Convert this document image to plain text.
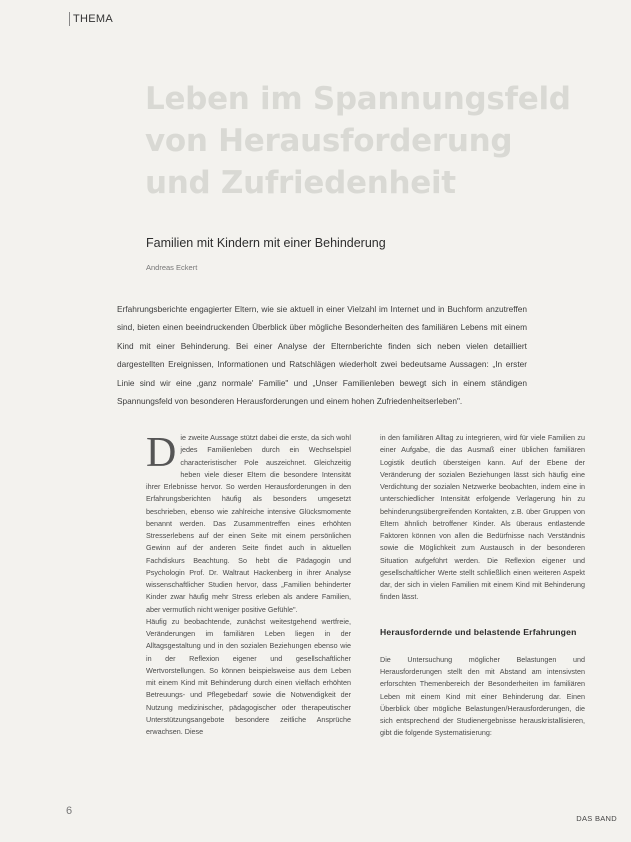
THEMA
Leben im Spannungsfeld von Herausforderung und Zufriedenheit
Familien mit Kindern mit einer Behinderung
Andreas Eckert

Erfahrungsberichte engagierter Eltern, wie sie aktuell in einer Vielzahl im Internet und in Buchform anzutreffen sind, bieten einen beeindruckenden Überblick über mögliche Besonderheiten des familiären Lebens mit einem Kind mit einer Behinderung. Bei einer Analyse der Elternberichte finden sich neben vielen detailliert dargestellten Ereignissen, Informationen und Ratschlägen wiederholt zwei bedeutsame Aussagen: „In erster Linie sind wir eine ‚ganz normale' Familie" und „Unser Familienleben bewegt sich in einem ständigen Spannungsfeld von besonderen Herausforderungen und einem hohen Zufriedenheitserleben".

D ie zweite Aussage stützt dabei die erste, da sich wohl jedes Familienleben durch ein Wechselspiel characteristischer Pole auszeichnet. Gleichzeitig heben viele dieser Eltern die besondere Intensität ihrer Erlebnisse hervor. So werden Herausforderungen in den Erfahrungsberichten häufig als besonders umgesetzt beschrieben, ebenso wie zahlreiche intensive Glücksmomente benannt werden. Das Zusammentreffen eines erhöhten Stresserlebens auf der einen Seite mit einem persönlichen Gewinn auf der anderen Seite findet auch in aktuellen Fachdiskurs Beachtung. So hebt die Pädagogin und Psychologin Prof. Dr. Waltraut Hackenberg in ihrer Analyse wissenschaftlicher Studien hervor, dass „Familien behinderter Kinder zwar häufig mehr Stress erleben als andere Familien, aber vermutlich nicht weniger positive Gefühle".

Häufig zu beobachtende, zunächst weitestgehend wertfreie, Veränderungen im familiären Leben liegen in der Alltagsgestaltung und in den sozialen Beziehungen ebenso wie in der Reflexion eigener und gesellschaftlicher Wertvorstellungen. So können beispielsweise aus dem Leben mit einem Kind mit Behinderung durch einen vielfach erhöhten Betreuungs- und Pflegebedarf sowie die Notwendigkeit der Nutzung medizinischer, pädagogischer oder therapeutischer Unterstützungsangebote besondere zeitliche Ansprüche erwachsen. Diese

in den familiären Alltag zu integrieren, wird für viele Familien zu einer Aufgabe, die das Ausmaß einer üblichen familiären Logistik deutlich übersteigen kann. Auf der Ebene der Veränderung der sozialen Beziehungen lässt sich häufig eine Verdichtung der sozialen Netzwerke beobachten, indem eine in unterschiedlicher Intensität erfolgende Verlagerung hin zu behinderungsübergreifenden Kontakten, z.B. über Gruppen von Eltern ähnlich betroffener Kinder. Als überaus entlastende Faktoren können von allen die Bedürfnisse nach Verständnis sowie die Möglichkeit zum Austausch in der besonderen Situation aufgeführt werden. Die Reflexion eigener und gesellschaftlicher Werte stellt schließlich einen weiteren Aspekt dar, der sich in vielen Familien mit einem Kind mit Behinderung finden lässt.

Herausfordernde und belastende Erfahrungen

Die Untersuchung möglicher Belastungen und Herausforderungen stellt den mit Abstand am intensivsten erforschten Themenbereich der Besonderheiten im familiären Leben mit einem Kind mit einer Behinderung dar. Einen Überblick über mögliche Belastungen/Herausforderungen, die sich entsprechend der Studienergebnisse herauskristallisieren, gibt die folgende Systematisierung:

6
DAS BAND
